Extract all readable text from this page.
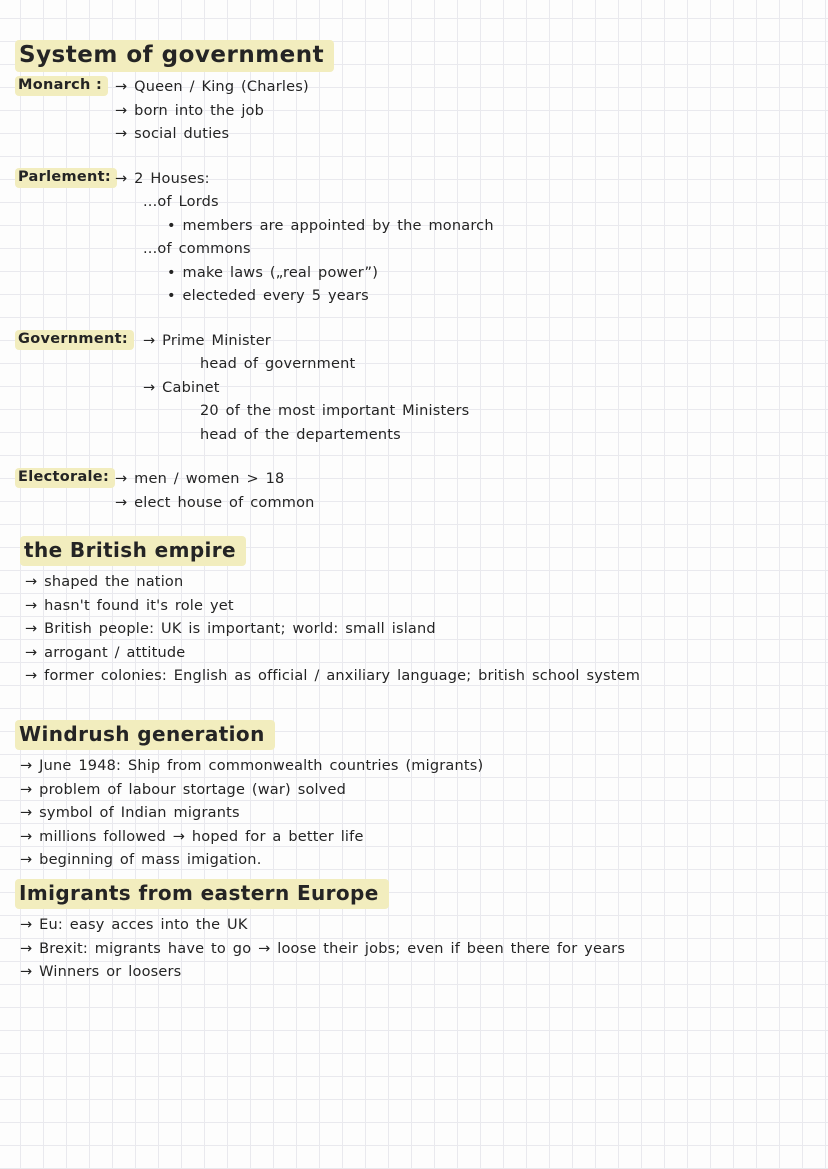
System of government
Monarch : → Queen / King (Charles)
→ born into the job
→ social duties
Parlement: → 2 Houses:
...of Lords
• members are appointed by the monarch
...of commons
• make laws („real power”)
• electeded every 5 years
Government:	→ Prime Minister
head of government
→ Cabinet
20 of the most important Ministers
head of the departements
Electorale: → men / women > 18
→ elect house of common
the British empire
→ shaped the nation
→ hasn't found it's role yet
→ British people: UK is important; world: small island
→ arrogant / attitude
→ former colonies: English as official / anxiliary language; british school system
Windrush generation
→ June 1948: Ship from commonwealth countries (migrants)
→ problem of labour stortage (war) solved
→ symbol of Indian migrants
→ millions followed → hoped for a better life
→ beginning of mass imigation.
Imigrants from eastern Europe
→ Eu: easy acces into the UK
→ Brexit: migrants have to go → loose their jobs; even if been there for years
→ Winners or loosers
